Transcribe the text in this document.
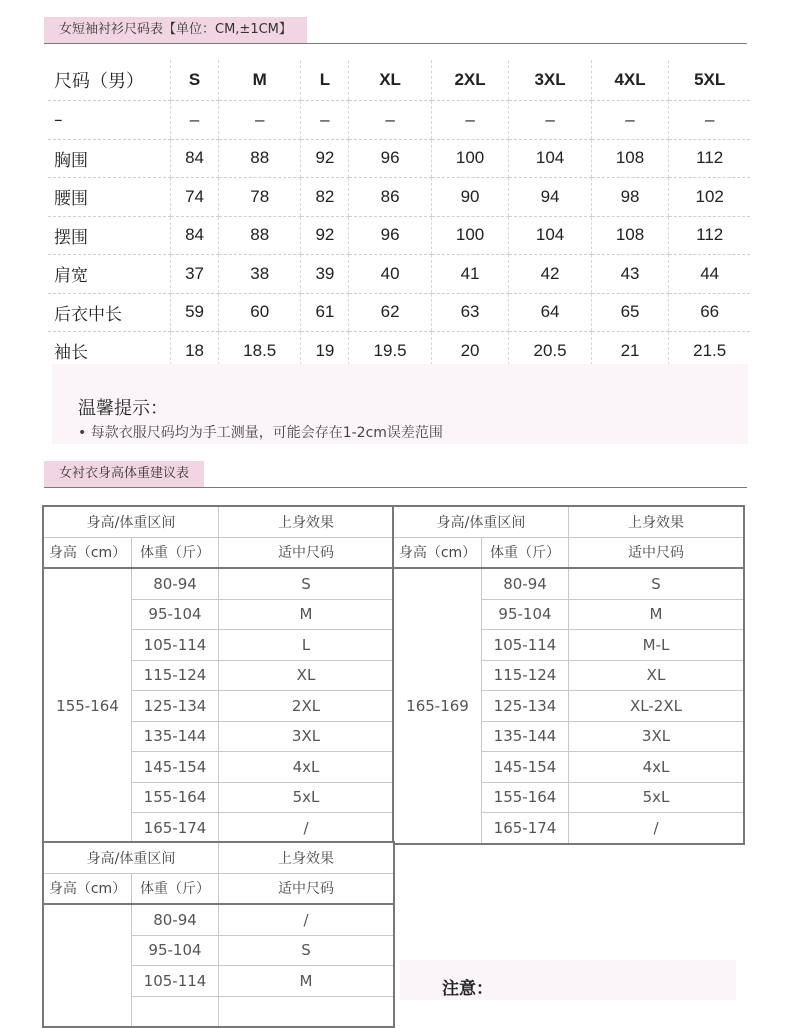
女短袖衬衫尺码表【单位：CM,±1CM】
尺码（男）	S	M	L	XL	2XL	3XL	4XL	5XL
–	–	–	–	–	–	–	–	–
胸围	84	88	92	96	100	104	108	112
腰围	74	78	82	86	90	94	98	102
摆围	84	88	92	96	100	104	108	112
肩宽	37	38	39	40	41	42	43	44
后衣中长	59	60	61	62	63	64	65	66
袖长	18	18.5	19	19.5	20	20.5	21	21.5
温馨提示：
• 每款衣服尺码均为手工测量，可能会存在1-2cm误差范围
女衬衣身高体重建议表
身高/体重区间		上身效果
身高（cm）	体重（斤）	适中尺码
155-164	80-94	S
	95-104	M
	105-114	L
	115-124	XL
	125-134	2XL
	135-144	3XL
	145-154	4xL
	155-164	5xL
	165-174	/
身高/体重区间		上身效果
身高（cm）	体重（斤）	适中尺码
165-169	80-94	S
	95-104	M
	105-114	M-L
	115-124	XL
	125-134	XL-2XL
	135-144	3XL
	145-154	4xL
	155-164	5xL
	165-174	/
身高/体重区间		上身效果
身高（cm）	体重（斤）	适中尺码
	80-94	/
	95-104	S
	105-114	M
		注意：
